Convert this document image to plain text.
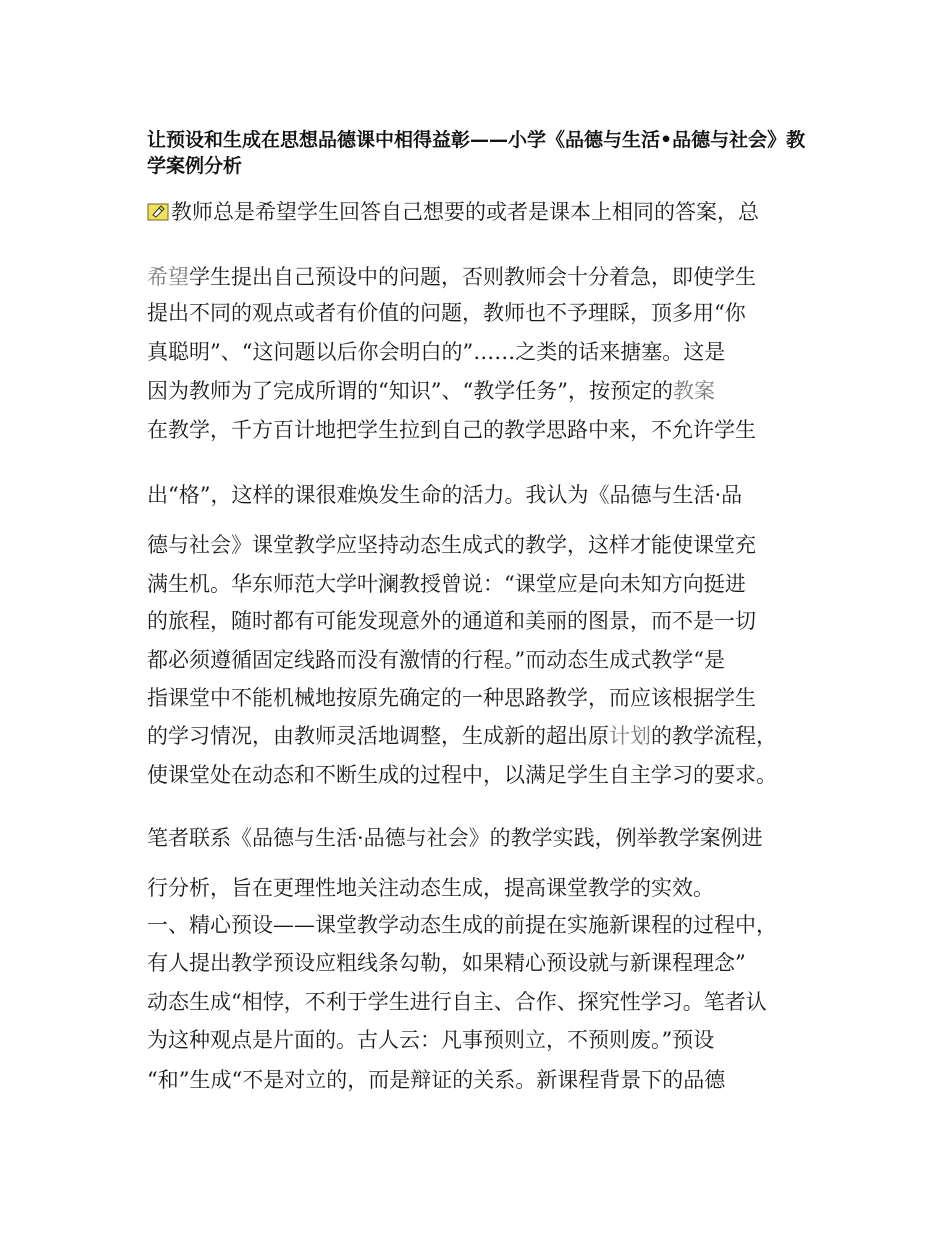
让预设和生成在思想品德课中相得益彰——小学《品德与生活•品德与社会》教学案例分析
教师总是希望学生回答自己想要的或者是课本上相同的答案，总
希望学生提出自己预设中的问题，否则教师会十分着急，即使学生
提出不同的观点或者有价值的问题，教师也不予理睬，顶多用“你
真聪明”、“这问题以后你会明白的”……之类的话来搪塞。这是
因为教师为了完成所谓的“知识”、“教学任务”，按预定的教案
在教学，千方百计地把学生拉到自己的教学思路中来，不允许学生
出“格”，这样的课很难焕发生命的活力。我认为《品德与生活·品
德与社会》课堂教学应坚持动态生成式的教学，这样才能使课堂充
满生机。华东师范大学叶澜教授曾说：“课堂应是向未知方向挺进
的旅程，随时都有可能发现意外的通道和美丽的图景，而不是一切
都必须遵循固定线路而没有激情的行程。”而动态生成式教学“是
指课堂中不能机械地按原先确定的一种思路教学，而应该根据学生
的学习情况，由教师灵活地调整，生成新的超出原计划的教学流程，
使课堂处在动态和不断生成的过程中，以满足学生自主学习的要求。
笔者联系《品德与生活·品德与社会》的教学实践，例举教学案例进
行分析，旨在更理性地关注动态生成，提高课堂教学的实效。
一、精心预设——课堂教学动态生成的前提在实施新课程的过程中，
有人提出教学预设应粗线条勾勒，如果精心预设就与新课程理念”
动态生成“相悖，不利于学生进行自主、合作、探究性学习。笔者认
为这种观点是片面的。古人云：凡事预则立，不预则废。”预设
“和”生成“不是对立的，而是辩证的关系。新课程背景下的品德
